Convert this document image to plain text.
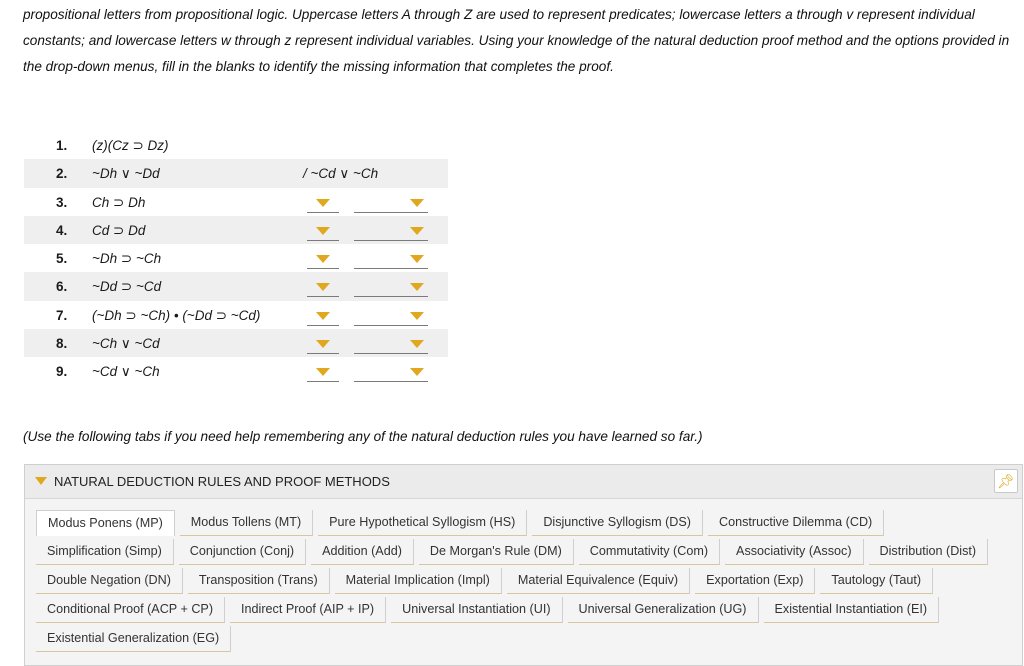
propositional letters from propositional logic. Uppercase letters A through Z are used to represent predicates; lowercase letters a through v represent individual constants; and lowercase letters w through z represent individual variables. Using your knowledge of the natural deduction proof method and the options provided in the drop-down menus, fill in the blanks to identify the missing information that completes the proof.
1. (z)(Cz ⊃ Dz)
2. ~Dh ∨ ~Dd	/ ~Cd ∨ ~Ch
3. Ch ⊃ Dh
4. Cd ⊃ Dd
5. ~Dh ⊃ ~Ch
6. ~Dd ⊃ ~Cd
7. (~Dh ⊃ ~Ch) • (~Dd ⊃ ~Cd)
8. ~Ch ∨ ~Cd
9. ~Cd ∨ ~Ch
(Use the following tabs if you need help remembering any of the natural deduction rules you have learned so far.)
NATURAL DEDUCTION RULES AND PROOF METHODS	📌︎
Modus Ponens (MP)	Modus Tollens (MT)	Pure Hypothetical Syllogism (HS)	Disjunctive Syllogism (DS)	Constructive Dilemma (CD)
Simplification (Simp)	Conjunction (Conj)	Addition (Add)	De Morgan's Rule (DM)	Commutativity (Com)	Associativity (Assoc)	Distribution (Dist)
Double Negation (DN)	Transposition (Trans)	Material Implication (Impl)	Material Equivalence (Equiv)	Exportation (Exp)	Tautology (Taut)
Conditional Proof (ACP + CP)	Indirect Proof (AIP + IP)	Universal Instantiation (UI)	Universal Generalization (UG)	Existential Instantiation (EI)
Existential Generalization (EG)
